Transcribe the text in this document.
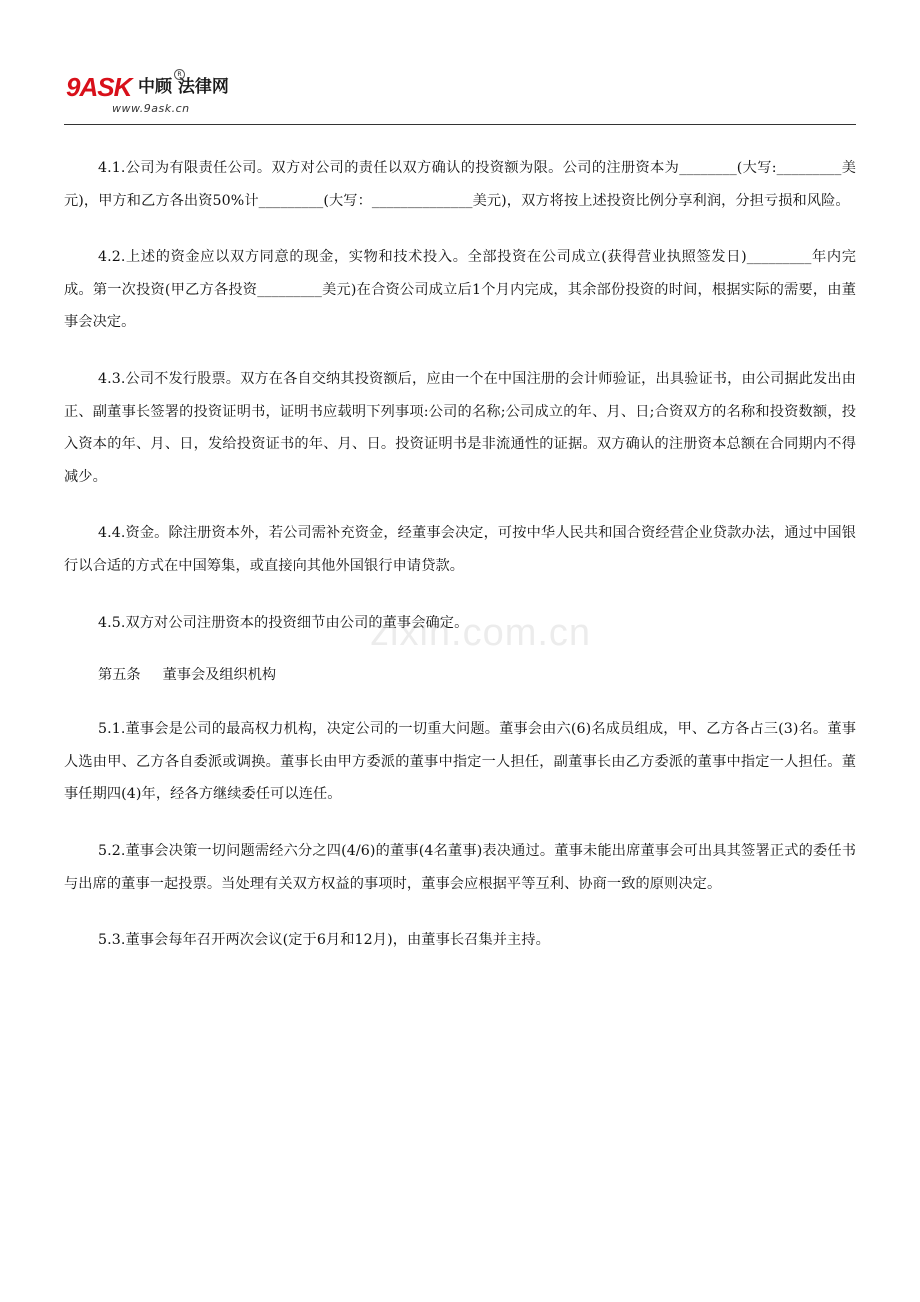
9ASK 中顾 法律网
R
www.9ask.cn

4.1.公司为有限责任公司。双方对公司的责任以双方确认的投资额为限。公司的注册资本为________(大写:_________美元)，甲方和乙方各出资50%计_________(大写：______________美元)，双方将按上述投资比例分享利润，分担亏损和风险。

4.2.上述的资金应以双方同意的现金，实物和技术投入。全部投资在公司成立(获得营业执照签发日)_________年内完成。第一次投资(甲乙方各投资_________美元)在合资公司成立后1个月内完成，其余部份投资的时间，根据实际的需要，由董事会决定。

4.3.公司不发行股票。双方在各自交纳其投资额后，应由一个在中国注册的会计师验证，出具验证书，由公司据此发出由正、副董事长签署的投资证明书，证明书应载明下列事项:公司的名称;公司成立的年、月、日;合资双方的名称和投资数额，投入资本的年、月、日，发给投资证书的年、月、日。投资证明书是非流通性的证据。双方确认的注册资本总额在合同期内不得减少。

4.4.资金。除注册资本外，若公司需补充资金，经董事会决定，可按中华人民共和国合资经营企业贷款办法，通过中国银行以合适的方式在中国筹集，或直接向其他外国银行申请贷款。

4.5.双方对公司注册资本的投资细节由公司的董事会确定。

第五条 董事会及组织机构

5.1.董事会是公司的最高权力机构，决定公司的一切重大问题。董事会由六(6)名成员组成，甲、乙方各占三(3)名。董事人选由甲、乙方各自委派或调换。董事长由甲方委派的董事中指定一人担任，副董事长由乙方委派的董事中指定一人担任。董事任期四(4)年，经各方继续委任可以连任。

5.2.董事会决策一切问题需经六分之四(4/6)的董事(4名董事)表决通过。董事未能出席董事会可出具其签署正式的委任书与出席的董事一起投票。当处理有关双方权益的事项时，董事会应根据平等互利、协商一致的原则决定。

5.3.董事会每年召开两次会议(定于6月和12月)，由董事长召集并主持。

zixin.com.cn
